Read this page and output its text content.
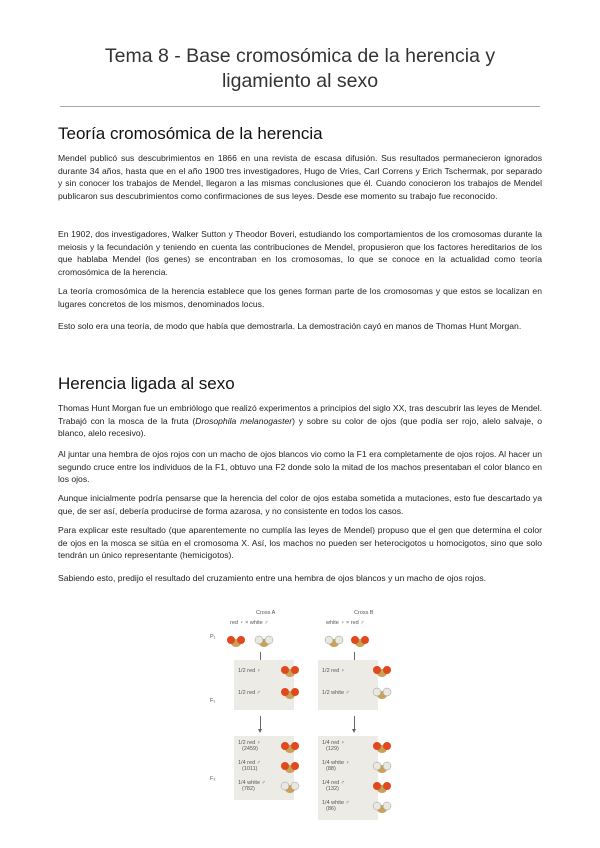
Tema 8 - Base cromosómica de la herencia y
ligamiento al sexo
Teoría cromosómica de la herencia

Mendel publicó sus descubrimientos en 1866 en una revista de escasa difusión. Sus resultados permanecieron ignorados durante 34 años, hasta que en el año 1900 tres investigadores, Hugo de Vries, Carl Correns y Erich Tschermak, por separado y sin conocer los trabajos de Mendel, llegaron a las mismas conclusiones que él. Cuando conocieron los trabajos de Mendel publicaron sus descubrimientos como confirmaciones de sus leyes. Desde ese momento su trabajo fue reconocido.

En 1902, dos investigadores, Walker Sutton y Theodor Boveri, estudiando los comportamientos de los cromosomas durante la meiosis y la fecundación y teniendo en cuenta las contribuciones de Mendel, propusieron que los factores hereditarios de los que hablaba Mendel (los genes) se encontraban en los cromosomas, lo que se conoce en la actualidad como teoría cromosómica de la herencia.

La teoría cromosómica de la herencia establece que los genes forman parte de los cromosomas y que estos se localizan en lugares concretos de los mismos, denominados locus.

Esto solo era una teoría, de modo que había que demostrarla. La demostración cayó en manos de Thomas Hunt Morgan.

Herencia ligada al sexo

Thomas Hunt Morgan fue un embriólogo que realizó experimentos a principios del siglo XX, tras descubrir las leyes de Mendel. Trabajó con la mosca de la fruta (Drosophila melanogaster) y sobre su color de ojos (que podía ser rojo, alelo salvaje, o blanco, alelo recesivo).

Al juntar una hembra de ojos rojos con un macho de ojos blancos vio como la F1 era completamente de ojos rojos. Al hacer un segundo cruce entre los individuos de la F1, obtuvo una F2 donde solo la mitad de los machos presentaban el color blanco en los ojos.

Aunque inicialmente podría pensarse que la herencia del color de ojos estaba sometida a mutaciones, esto fue descartado ya que, de ser así, debería producirse de forma azarosa, y no consistente en todos los casos.

Para explicar este resultado (que aparentemente no cumplía las leyes de Mendel) propuso que el gen que determina el color de ojos en la mosca se sitúa en el cromosoma X. Así, los machos no pueden ser heterocigotos u homocigotos, sino que solo tendrán un único representante (hemicigotos).

Sabiendo esto, predijo el resultado del cruzamiento entre una hembra de ojos blancos y un macho de ojos rojos.

Cross A	Cross B
red ♀ × white ♂	white ♀ × red ♂
P₁
F₁
F₂
1/2 red ♀
1/2 red ♂
1/2 red ♀
1/2 white ♂
1/2 red ♀
(2459)
1/4 red ♂
(1011)
1/4 white ♂
(782)
1/4 red ♀
(129)
1/4 white ♀
(88)
1/4 red ♂
(132)
1/4 white ♂
(86)
